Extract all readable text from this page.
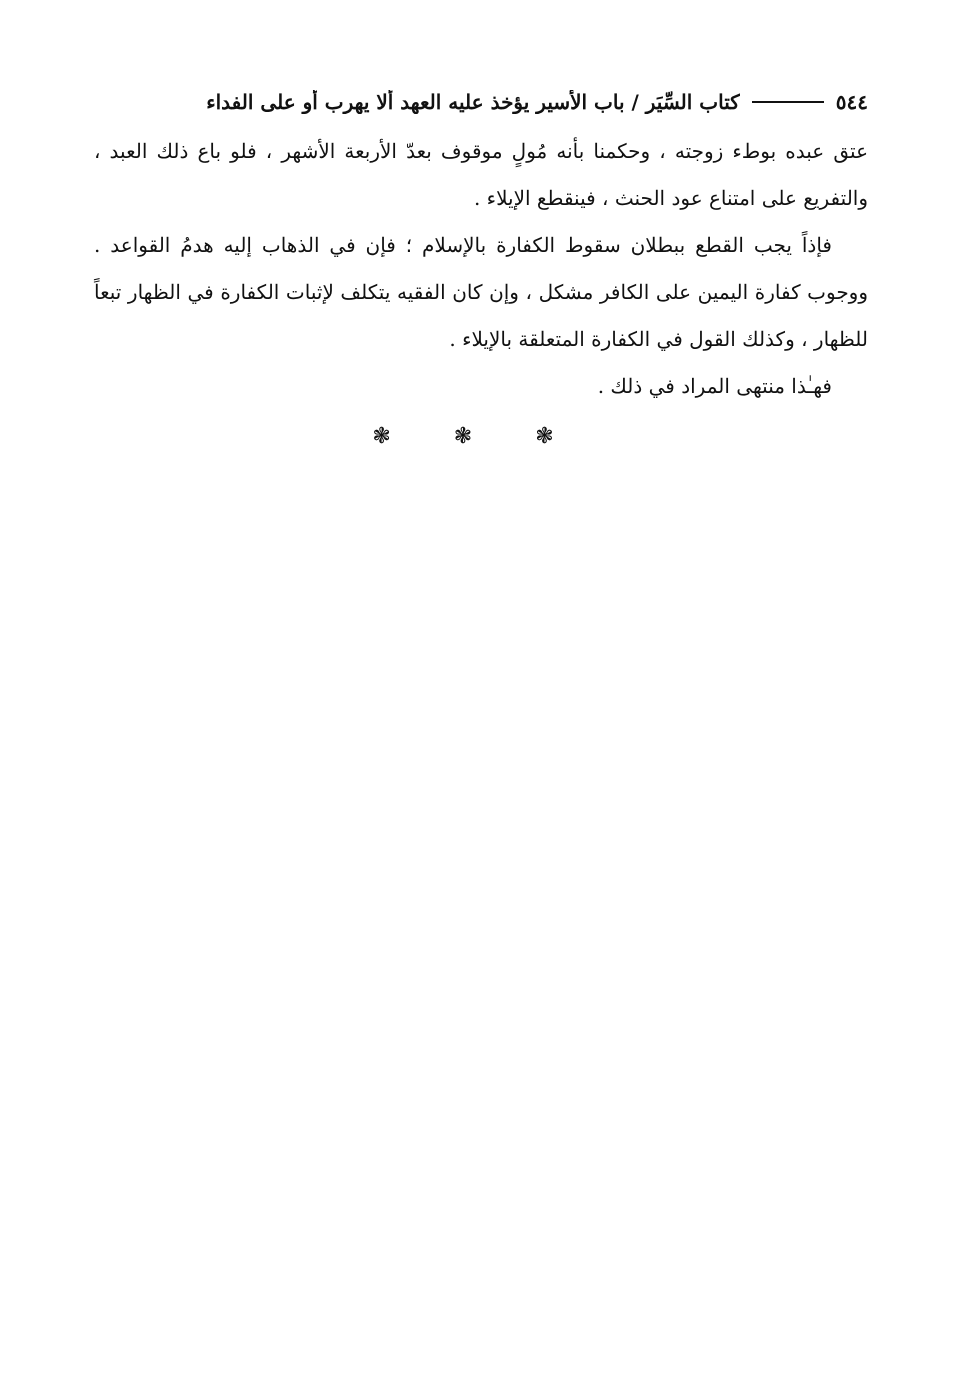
٥٤٤
كتاب السِّيَر / باب الأسير يؤخذ عليه العهد ألا يهرب أو على الفداء

عتق عبده بوطء زوجته ، وحكمنا بأنه مُولٍ موقوف بعدّ الأربعة الأشهر ، فلو باع ذلك العبد ، والتفريع على امتناع عود الحنث ، فينقطع الإيلاء .

فإذاً يجب القطع ببطلان سقوط الكفارة بالإسلام ؛ فإن في الذهاب إليه هدمُ القواعد . ووجوب كفارة اليمين على الكافر مشكل ، وإن كان الفقيه يتكلف لإثبات الكفارة في الظهار تبعاً للظهار ، وكذلك القول في الكفارة المتعلقة بالإيلاء .

فهـٰذا منتهى المراد في ذلك .

❃ ❃ ❃
